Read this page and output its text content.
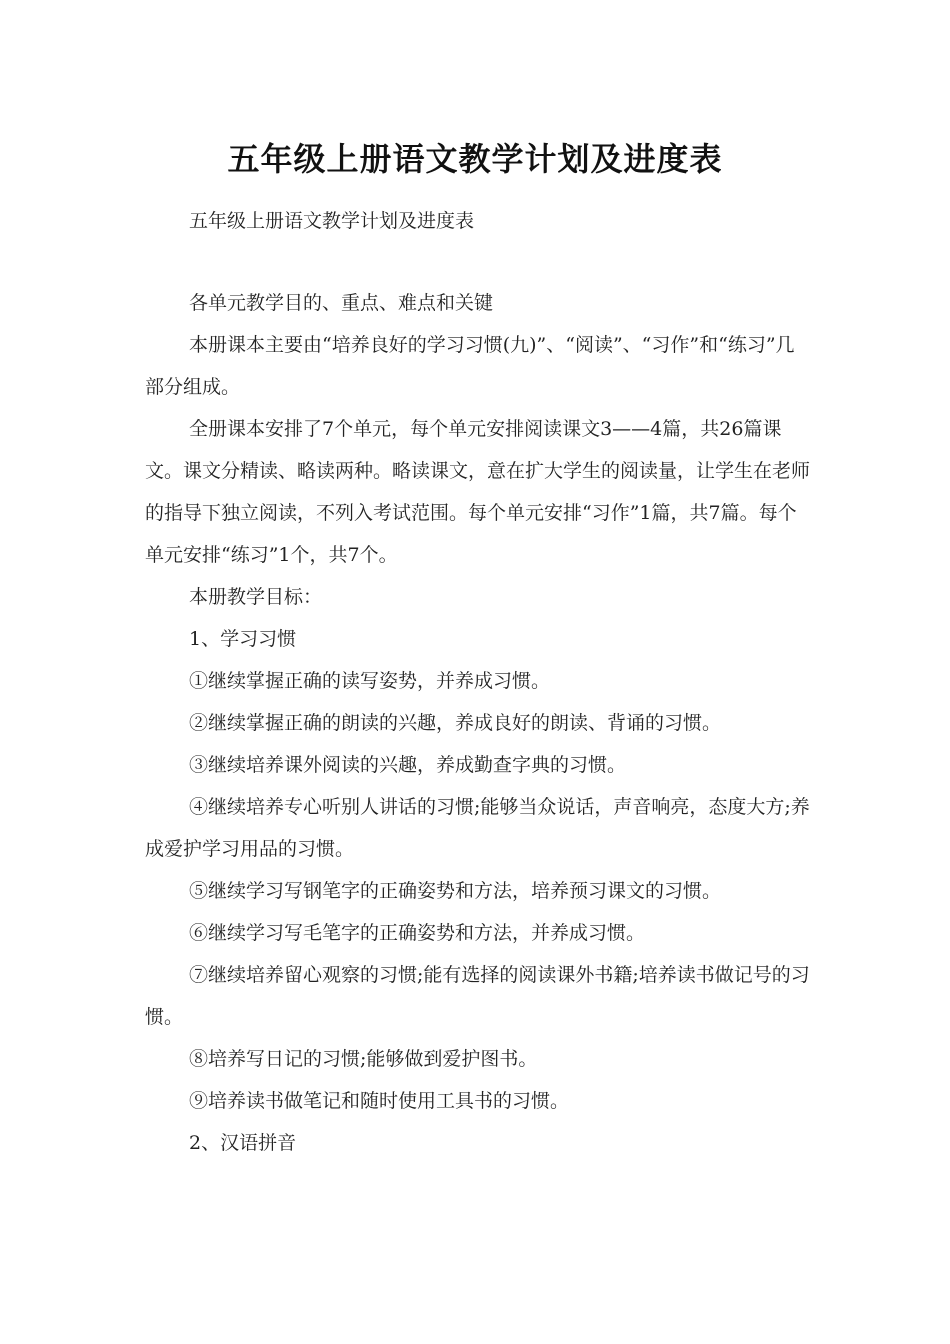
五年级上册语文教学计划及进度表
五年级上册语文教学计划及进度表

各单元教学目的、重点、难点和关键

本册课本主要由“培养良好的学习习惯(九)”、“阅读”、“习作”和“练习”几部分组成。

全册课本安排了7个单元，每个单元安排阅读课文3——4篇，共26篇课文。课文分精读、略读两种。略读课文，意在扩大学生的阅读量，让学生在老师的指导下独立阅读，不列入考试范围。每个单元安排“习作”1篇，共7篇。每个单元安排“练习”1个，共7个。

本册教学目标：

1、学习习惯

①继续掌握正确的读写姿势，并养成习惯。

②继续掌握正确的朗读的兴趣，养成良好的朗读、背诵的习惯。

③继续培养课外阅读的兴趣，养成勤查字典的习惯。

④继续培养专心听别人讲话的习惯;能够当众说话，声音响亮，态度大方;养成爱护学习用品的习惯。

⑤继续学习写钢笔字的正确姿势和方法，培养预习课文的习惯。

⑥继续学习写毛笔字的正确姿势和方法，并养成习惯。

⑦继续培养留心观察的习惯;能有选择的阅读课外书籍;培养读书做记号的习惯。

⑧培养写日记的习惯;能够做到爱护图书。

⑨培养读书做笔记和随时使用工具书的习惯。

2、汉语拼音
